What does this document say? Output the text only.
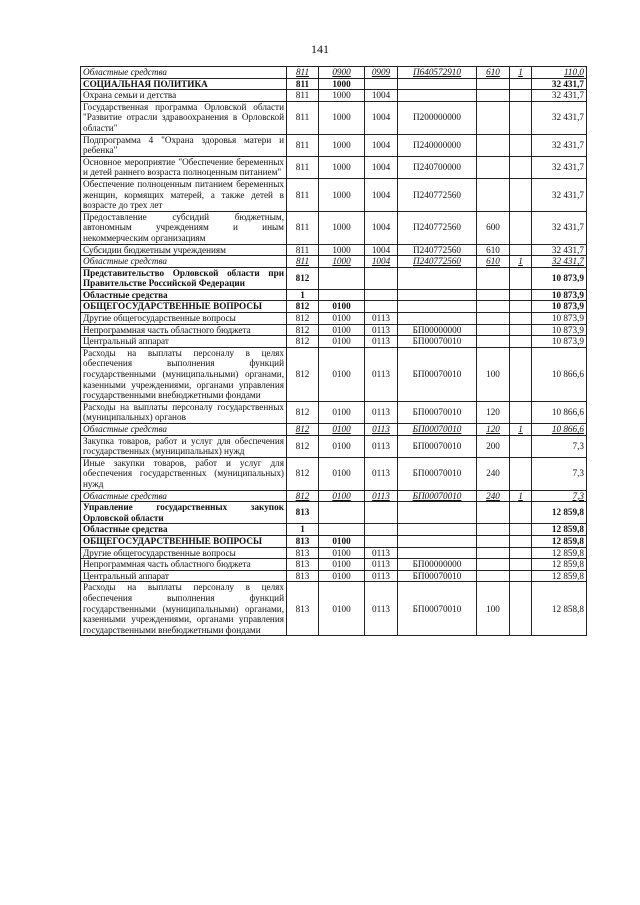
141
Областные средства	811	0900	0909	П640572910	610	1	110,0
СОЦИАЛЬНАЯ ПОЛИТИКА	811	1000					32 431,7
Охрана семьи и детства	811	1000	1004				32 431,7
Государственная программа Орловской области "Развитие отрасли здравоохранения в Орловской области"	811	1000	1004	П200000000			32 431,7
Подпрограмма 4 "Охрана здоровья матери и ребенка"	811	1000	1004	П240000000			32 431,7
Основное мероприятие "Обеспечение беременных и детей раннего возраста полноценным питанием"	811	1000	1004	П240700000			32 431,7
Обеспечение полноценным питанием беременных женщин, кормящих матерей, а также детей в возрасте до трех лет	811	1000	1004	П240772560			32 431,7
Предоставление субсидий бюджетным, автономным учреждениям и иным некоммерческим организациям	811	1000	1004	П240772560	600		32 431,7
Субсидии бюджетным учреждениям	811	1000	1004	П240772560	610		32 431,7
Областные средства	811	1000	1004	П240772560	610	1	32 431,7
Представительство Орловской области при Правительстве Российской Федерации	812						10 873,9
Областные средства	1						10 873,9
ОБЩЕГОСУДАРСТВЕННЫЕ ВОПРОСЫ	812	0100					10 873,9
Другие общегосударственные вопросы	812	0100	0113				10 873,9
Непрограммная часть областного бюджета	812	0100	0113	БП00000000			10 873,9
Центральный аппарат	812	0100	0113	БП00070010			10 873,9
Расходы на выплаты персоналу в целях обеспечения выполнения функций государственными (муниципальными) органами, казенными учреждениями, органами управления государственными внебюджетными фондами	812	0100	0113	БП00070010	100		10 866,6
Расходы на выплаты персоналу государственных (муниципальных) органов	812	0100	0113	БП00070010	120		10 866,6
Областные средства	812	0100	0113	БП00070010	120	1	10 866,6
Закупка товаров, работ и услуг для обеспечения государственных (муниципальных) нужд	812	0100	0113	БП00070010	200		7,3
Иные закупки товаров, работ и услуг для обеспечения государственных (муниципальных) нужд	812	0100	0113	БП00070010	240		7,3
Областные средства	812	0100	0113	БП00070010	240	1	7,3
Управление государственных закупок Орловской области	813						12 859,8
Областные средства	1						12 859,8
ОБЩЕГОСУДАРСТВЕННЫЕ ВОПРОСЫ	813	0100					12 859,8
Другие общегосударственные вопросы	813	0100	0113				12 859,8
Непрограммная часть областного бюджета	813	0100	0113	БП00000000			12 859,8
Центральный аппарат	813	0100	0113	БП00070010			12 859,8
Расходы на выплаты персоналу в целях обеспечения выполнения функций государственными (муниципальными) органами, казенными учреждениями, органами управления государственными внебюджетными фондами	813	0100	0113	БП00070010	100		12 858,8
